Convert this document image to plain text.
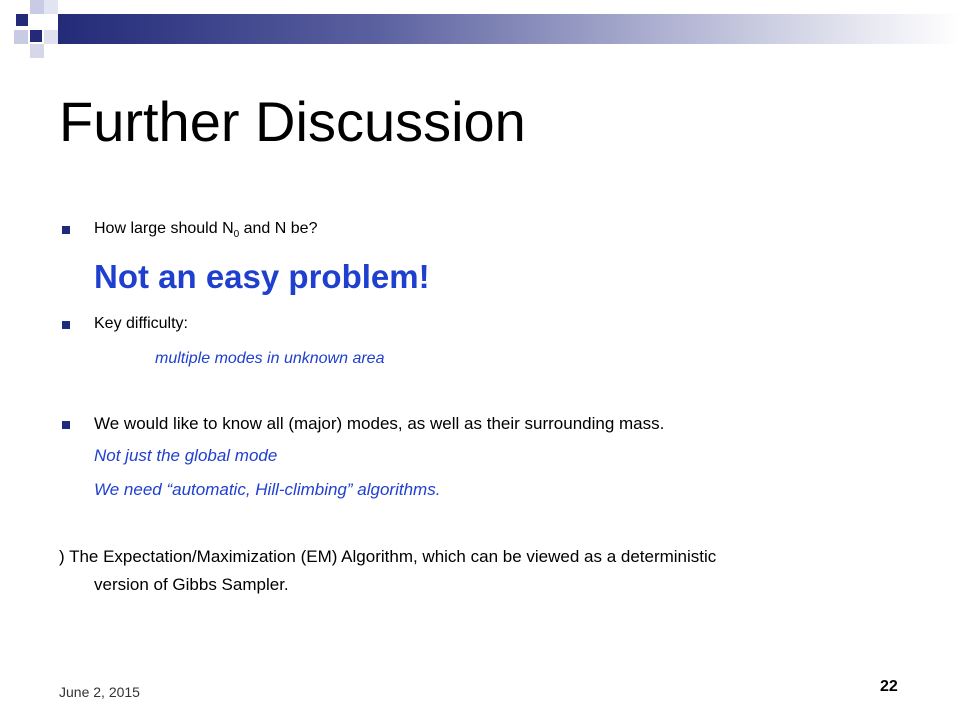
Further Discussion
How large should $N_0$ and N be?
Not an easy problem!
Key difficulty:
multiple modes in unknown area
We would like to know all (major) modes, as well as their surrounding mass.
Not just the global mode
We need “automatic, Hill-climbing” algorithms.
) The Expectation/Maximization (EM) Algorithm, which can be viewed as a deterministic
version of Gibbs Sampler.
June 2, 2015	22
